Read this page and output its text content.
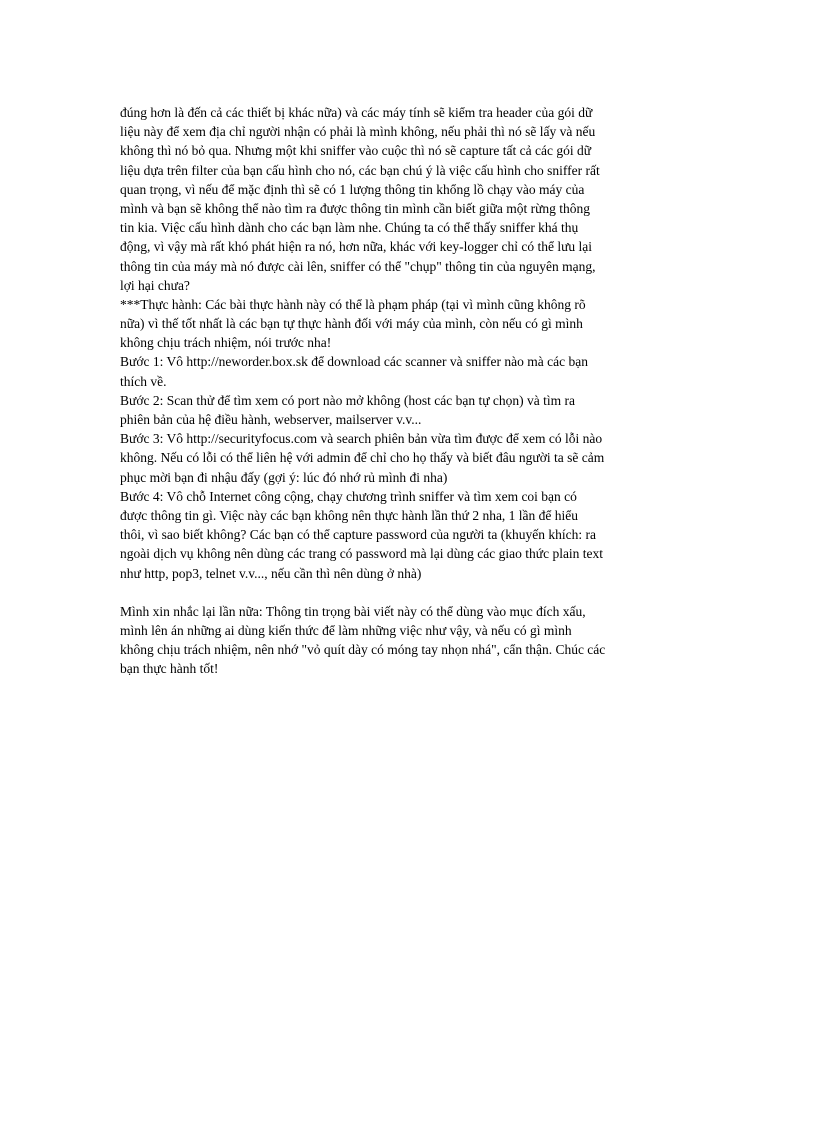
đúng hơn là đến cả các thiết bị khác nữa) và các máy tính sẽ kiểm tra header của gói dữ
liệu này để xem địa chỉ người nhận có phải là mình không, nếu phải thì nó sẽ lấy và nếu
không thì nó bỏ qua. Nhưng một khi sniffer vào cuộc thì nó sẽ capture tất cả các gói dữ
liệu dựa trên filter của bạn cấu hình cho nó, các bạn chú ý là việc cấu hình cho sniffer rất
quan trọng, vì nếu để mặc định thì sẽ có 1 lượng thông tin khổng lồ chạy vào máy của
mình và bạn sẽ không thể nào tìm ra được thông tin mình cần biết giữa một rừng thông
tin kia. Việc cấu hình dành cho các bạn làm nhe. Chúng ta có thể thấy sniffer khá thụ
động, vì vậy mà rất khó phát hiện ra nó, hơn nữa, khác với key-logger chỉ có thể lưu lại
thông tin của máy mà nó được cài lên, sniffer có thể "chụp" thông tin của nguyên mạng,
lợi hại chưa?
***Thực hành: Các bài thực hành này có thể là phạm pháp (tại vì mình cũng không rõ
nữa) vì thế tốt nhất là các bạn tự thực hành đối với máy của mình, còn nếu có gì mình
không chịu trách nhiệm, nói trước nha!
Bước 1: Vô http://neworder.box.sk để download các scanner và sniffer nào mà các bạn
thích về.
Bước 2: Scan thử để tìm xem có port nào mở không (host các bạn tự chọn) và tìm ra
phiên bản của hệ điều hành, webserver, mailserver v.v...
Bước 3: Vô http://securityfocus.com và search phiên bản vừa tìm được để xem có lỗi nào
không. Nếu có lỗi có thể liên hệ với admin để chỉ cho họ thấy và biết đâu người ta sẽ cảm
phục mời bạn đi nhậu đấy (gợi ý: lúc đó nhớ rủ mình đi nha)
Bước 4: Vô chỗ Internet công cộng, chạy chương trình sniffer và tìm xem coi bạn có
được thông tin gì. Việc này các bạn không nên thực hành lần thứ 2 nha, 1 lần để hiểu
thôi, vì sao biết không? Các bạn có thể capture password của người ta (khuyến khích: ra
ngoài dịch vụ không nên dùng các trang có password mà lại dùng các giao thức plain text
như http, pop3, telnet v.v..., nếu cần thì nên dùng ở nhà)
Mình xin nhắc lại lần nữa: Thông tin trọng bài viết này có thể dùng vào mục đích xấu,
mình lên án những ai dùng kiến thức để làm những việc như vậy, và nếu có gì mình
không chịu trách nhiệm, nên nhớ "vỏ quít dày có móng tay nhọn nhá", cẩn thận. Chúc các
bạn thực hành tốt!
